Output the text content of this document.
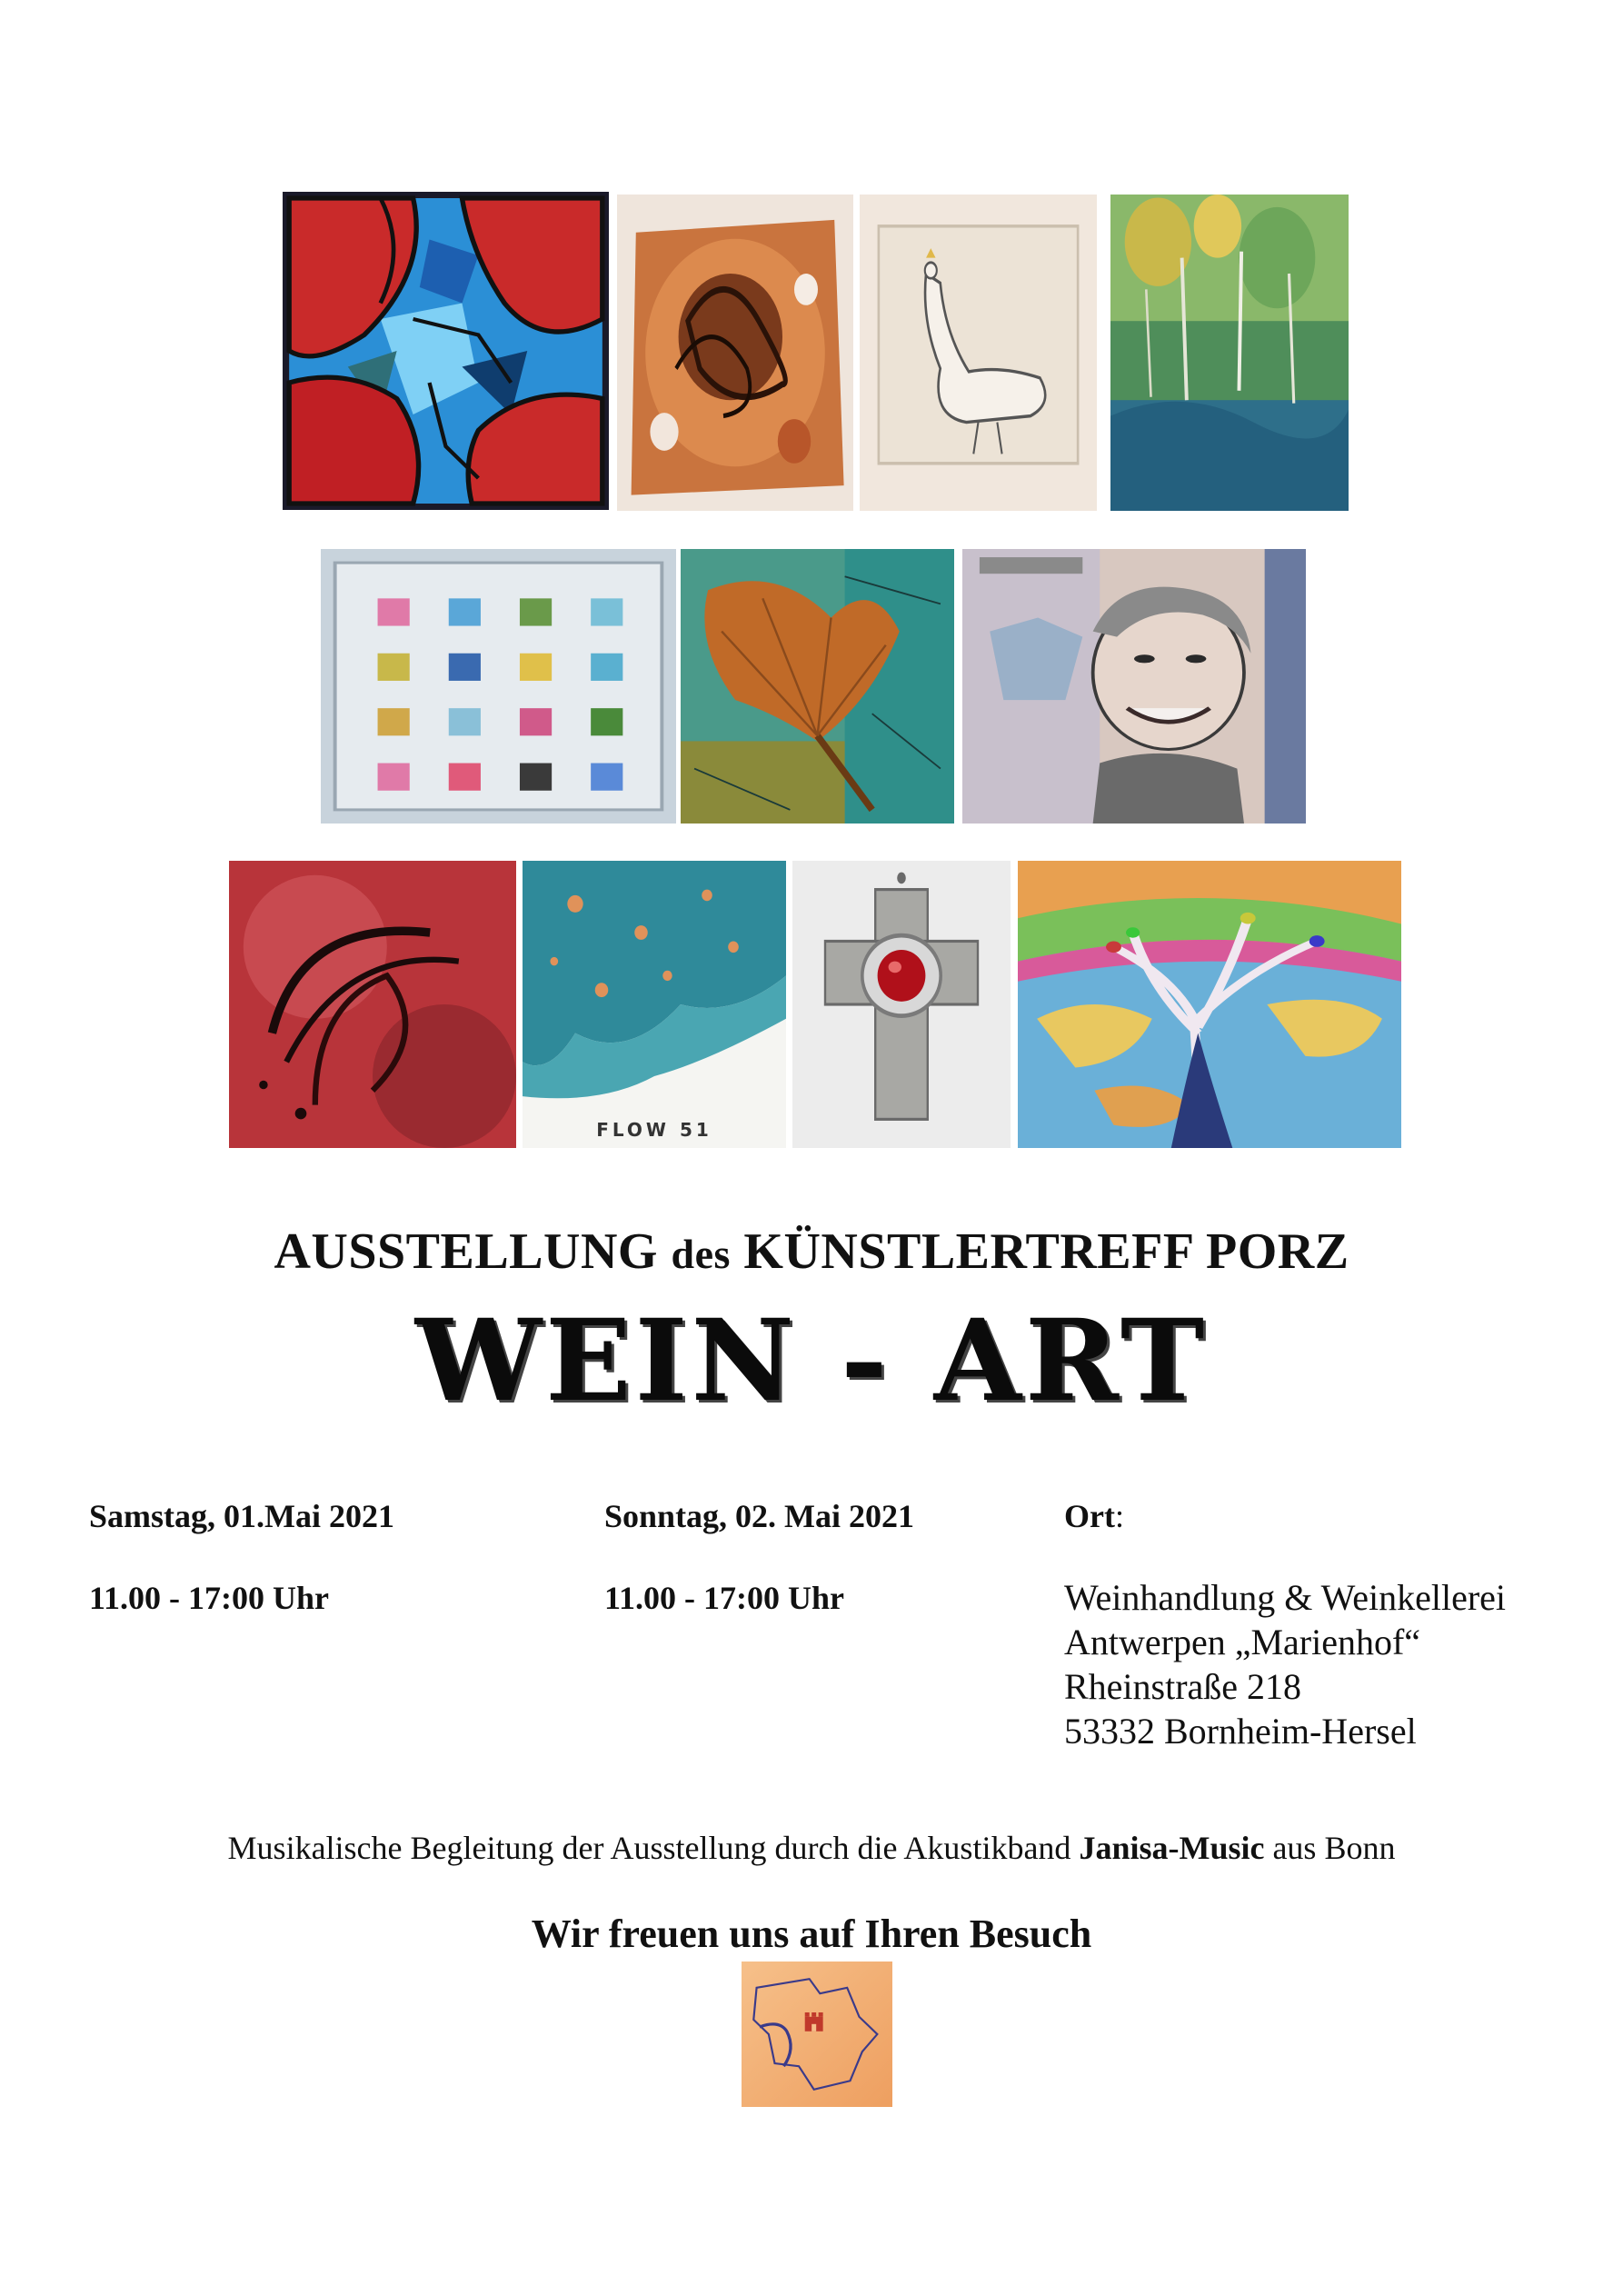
FLOW 51
AUSSTELLUNG des KÜNSTLERTREFF PORZ
WEIN - ART
Samstag, 01.Mai 2021
11.00 - 17:00 Uhr
Sonntag, 02. Mai 2021
11.00 - 17:00 Uhr
Ort:
Weinhandlung & Weinkellerei
Antwerpen „Marienhof“
Rheinstraße 218
53332 Bornheim-Hersel
Musikalische Begleitung der Ausstellung durch die Akustikband Janisa-Music aus Bonn
Wir freuen uns auf Ihren Besuch
